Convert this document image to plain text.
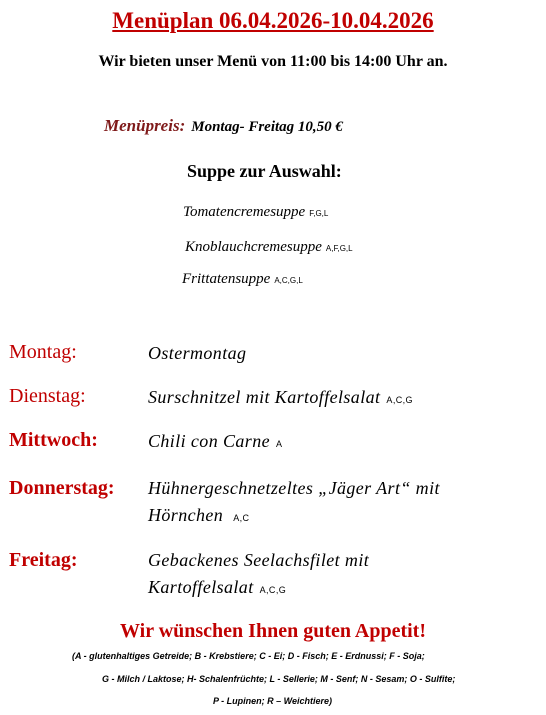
Menüplan 06.04.2026-10.04.2026
Wir bieten unser Menü von 11:00 bis 14:00 Uhr an.
Menüpreis: Montag- Freitag 10,50 €
Suppe zur Auswahl:
Tomatencremesuppe F,G,L
Knoblauchcremesuppe A,F,G,L
Frittatensuppe A,C,G,L
Montag:	Ostermontag
Dienstag:	Surschnitzel mit Kartoffelsalat A,C,G
Mittwoch:	Chili con Carne A
Donnerstag: Hühnergeschnetzeltes „Jäger Art“ mit
Hörnchen A,C
Freitag:	Gebackenes Seelachsfilet mit
Kartoffelsalat A,C,G
Wir wünschen Ihnen guten Appetit!
(A - glutenhaltiges Getreide; B - Krebstiere; C - Ei; D - Fisch; E - Erdnussi; F - Soja;
G - Milch / Laktose; H- Schalenfrüchte; L - Sellerie; M - Senf; N - Sesam; O - Sulfite;
P - Lupinen; R – Weichtiere)
